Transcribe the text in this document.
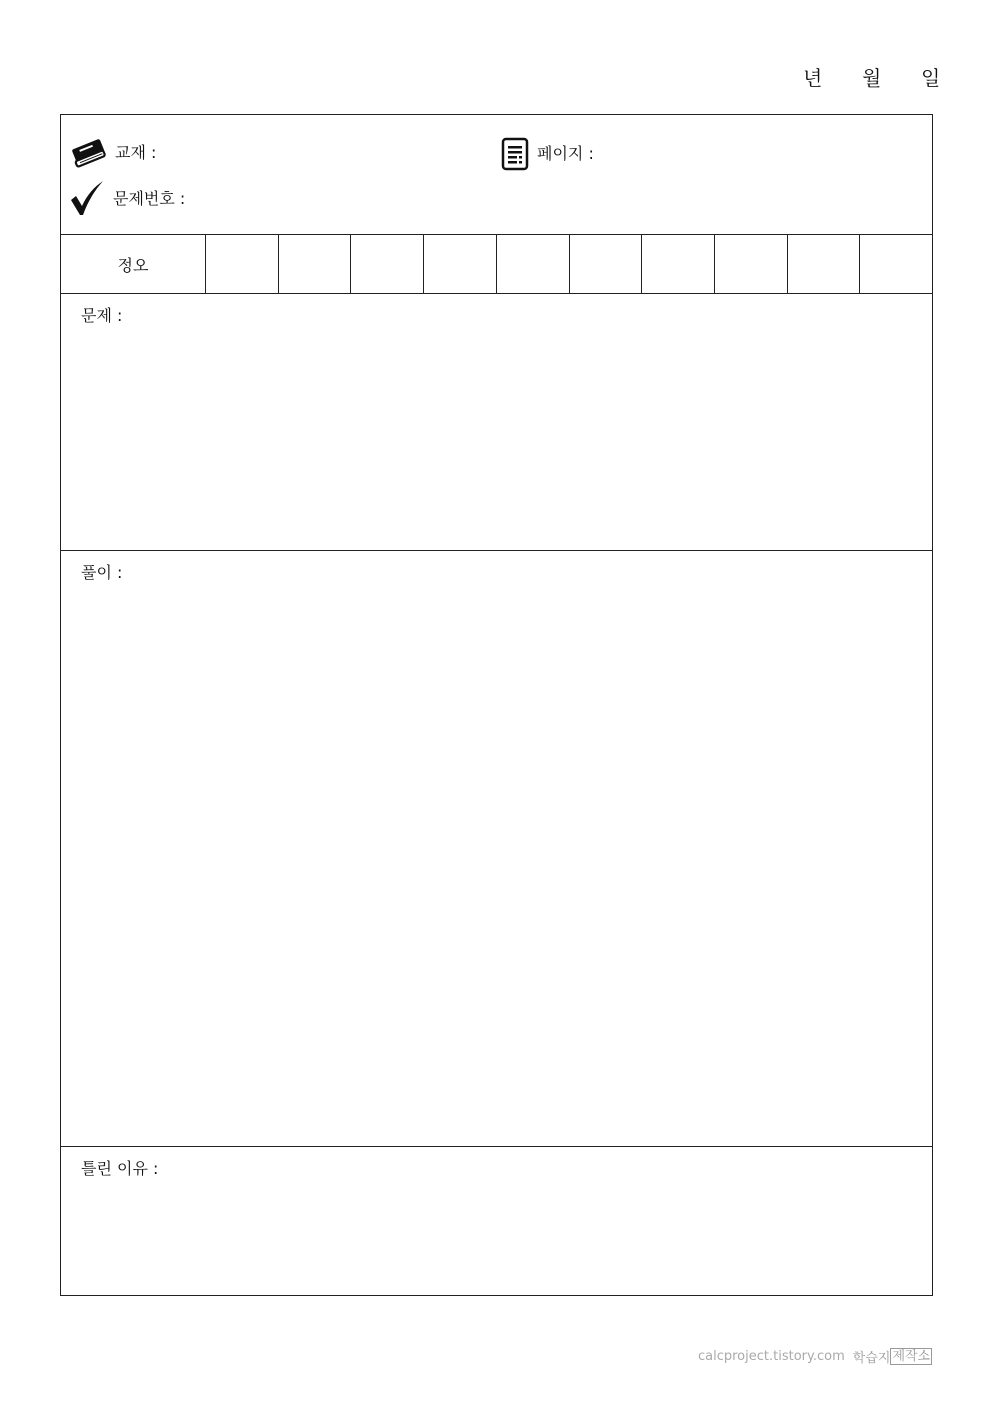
년 월 일
교재 :	페이지 :
문제번호 :
정오
문제 :
풀이 :
틀린 이유 :
calcproject.tistory.com 학습지 제작소
